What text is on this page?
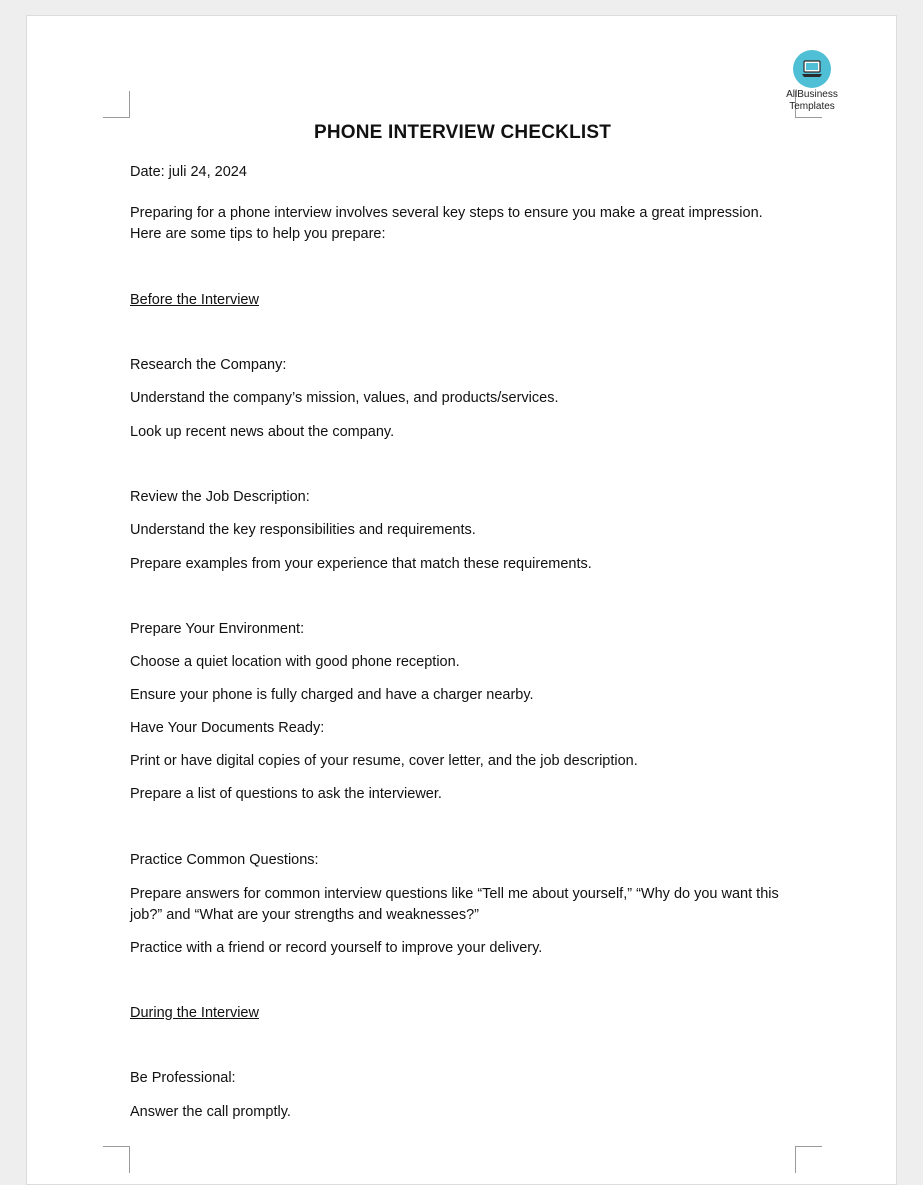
AllBusiness
Templates
PHONE INTERVIEW CHECKLIST
Date: juli 24, 2024
Preparing for a phone interview involves several key steps to ensure you make a great impression. Here are some tips to help you prepare:
Before the Interview
Research the Company:
Understand the company’s mission, values, and products/services.
Look up recent news about the company.
Review the Job Description:
Understand the key responsibilities and requirements.
Prepare examples from your experience that match these requirements.
Prepare Your Environment:
Choose a quiet location with good phone reception.
Ensure your phone is fully charged and have a charger nearby.
Have Your Documents Ready:
Print or have digital copies of your resume, cover letter, and the job description.
Prepare a list of questions to ask the interviewer.
Practice Common Questions:
Prepare answers for common interview questions like “Tell me about yourself,” “Why do you want this job?” and “What are your strengths and weaknesses?”
Practice with a friend or record yourself to improve your delivery.
During the Interview
Be Professional:
Answer the call promptly.
